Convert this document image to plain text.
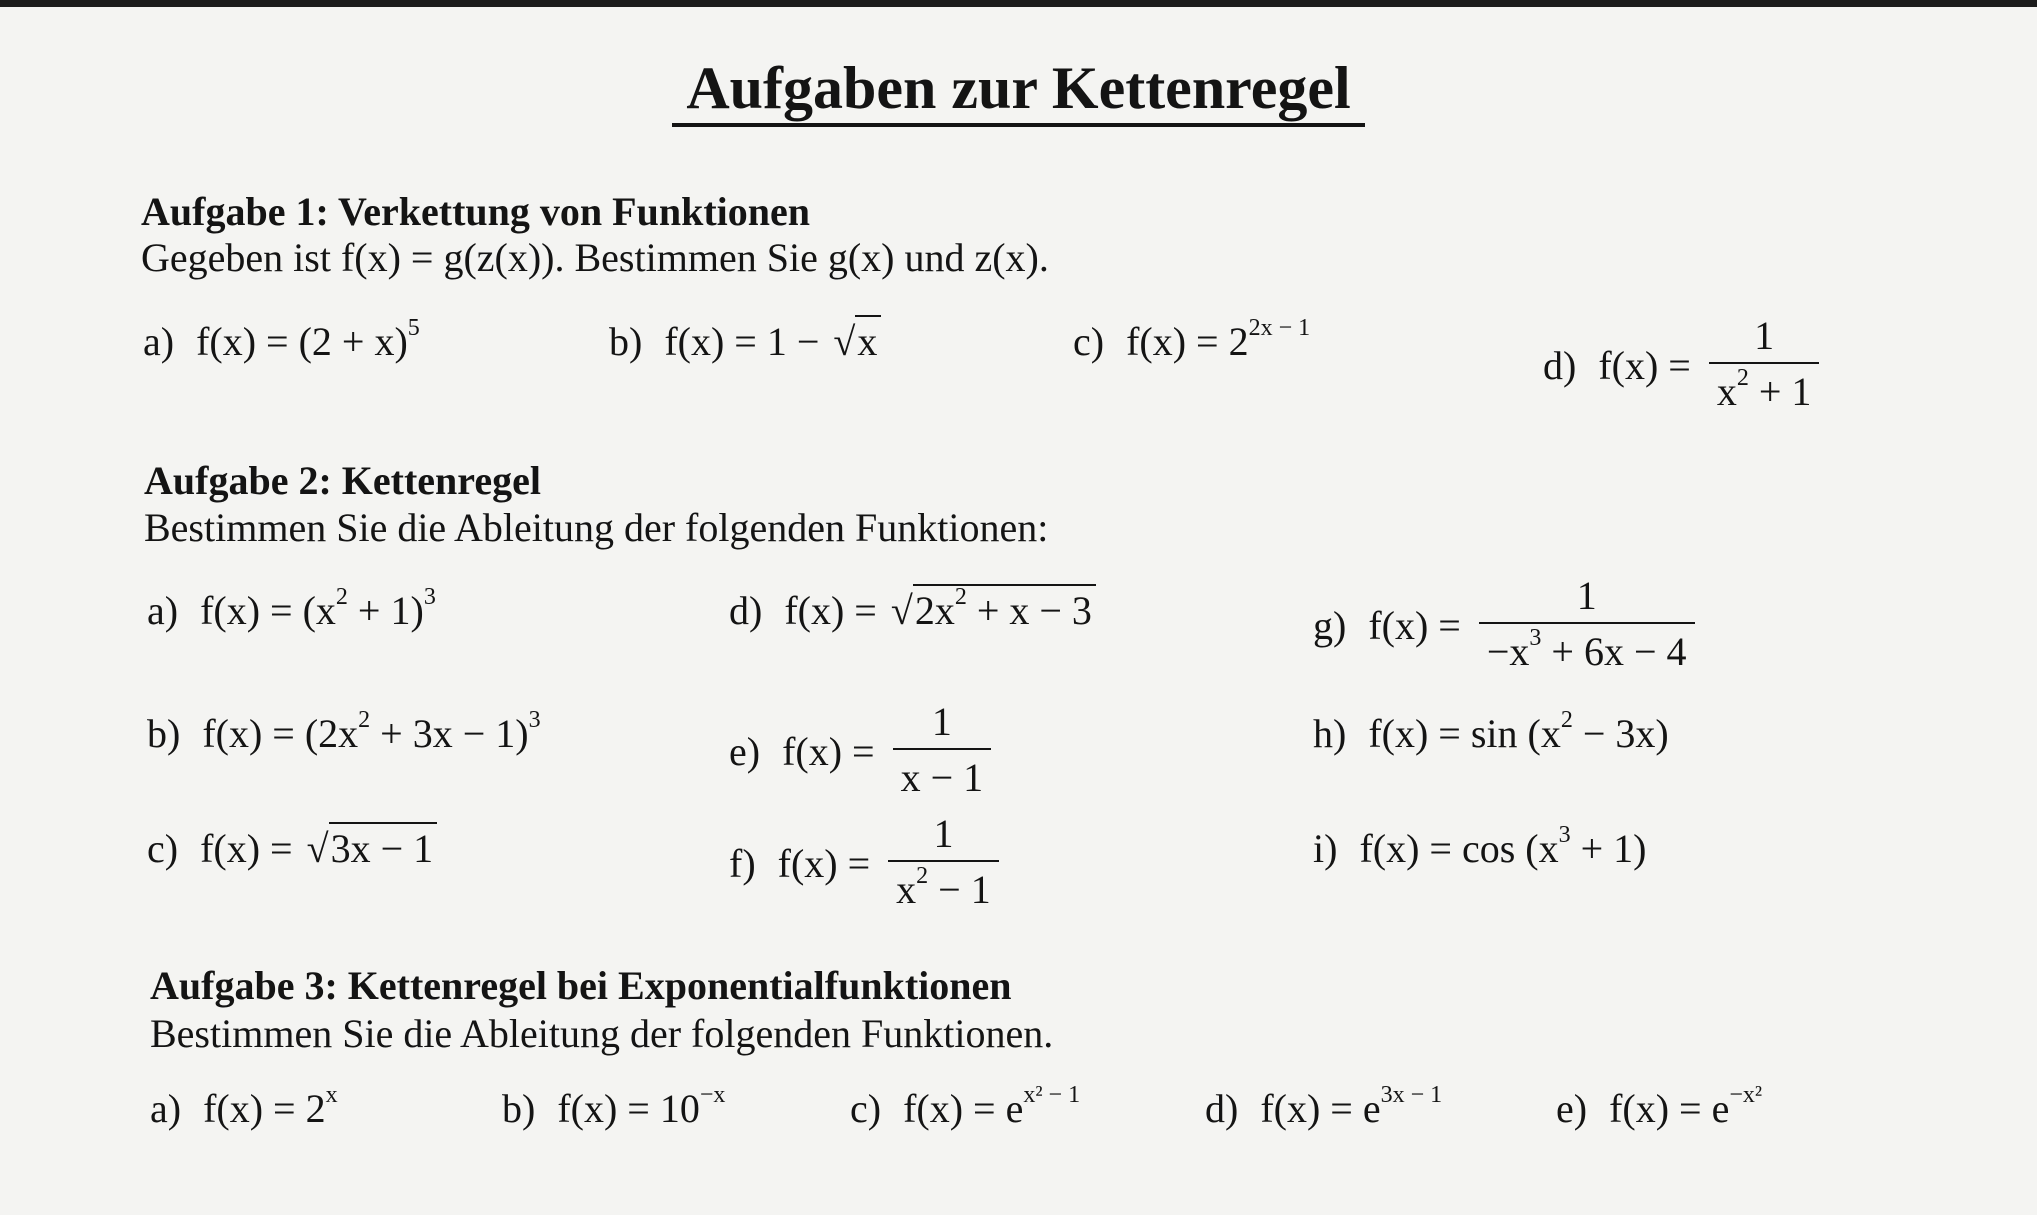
Aufgaben zur Kettenregel
Aufgabe 1: Verkettung von Funktionen
Gegeben ist f(x) = g(z(x)). Bestimmen Sie g(x) und z(x).
a) $f(x) = (2 + x)^5$	b) f(x) = 1 − √x	c) $f(x) = 2^{2x - 1}$
d) $f(x) = \frac{1}{x^2 + 1}$
Aufgabe 2: Kettenregel
Bestimmen Sie die Ableitung der folgenden Funktionen:
a) $f(x) = (x^2 + 1)^3$
b) $f(x) = (2x^2 + 3x - 1)^3$
c) f(x) = √3x − 1
d) $f(x) = √2x^2 + x - 3$
e) $f(x) = \frac{1}{x - 1}$
f) $f(x) = \frac{1}{x^2 - 1}$
g) $f(x) = \frac{1}{-x^3 + 6x - 4}$
h) $f(x) = \sin (x^2 - 3x)$
i) $f(x) = \cos (x^3 + 1)$
Aufgabe 3: Kettenregel bei Exponentialfunktionen
Bestimmen Sie die Ableitung der folgenden Funktionen.
a) $f(x) = 2^x$	b) $f(x) = 10^{-x}$	c) $f(x) = e^{x^2 - 1}$	d) $f(x) = e^{3x - 1}$	e) $f(x) = e^{-x^2}$
